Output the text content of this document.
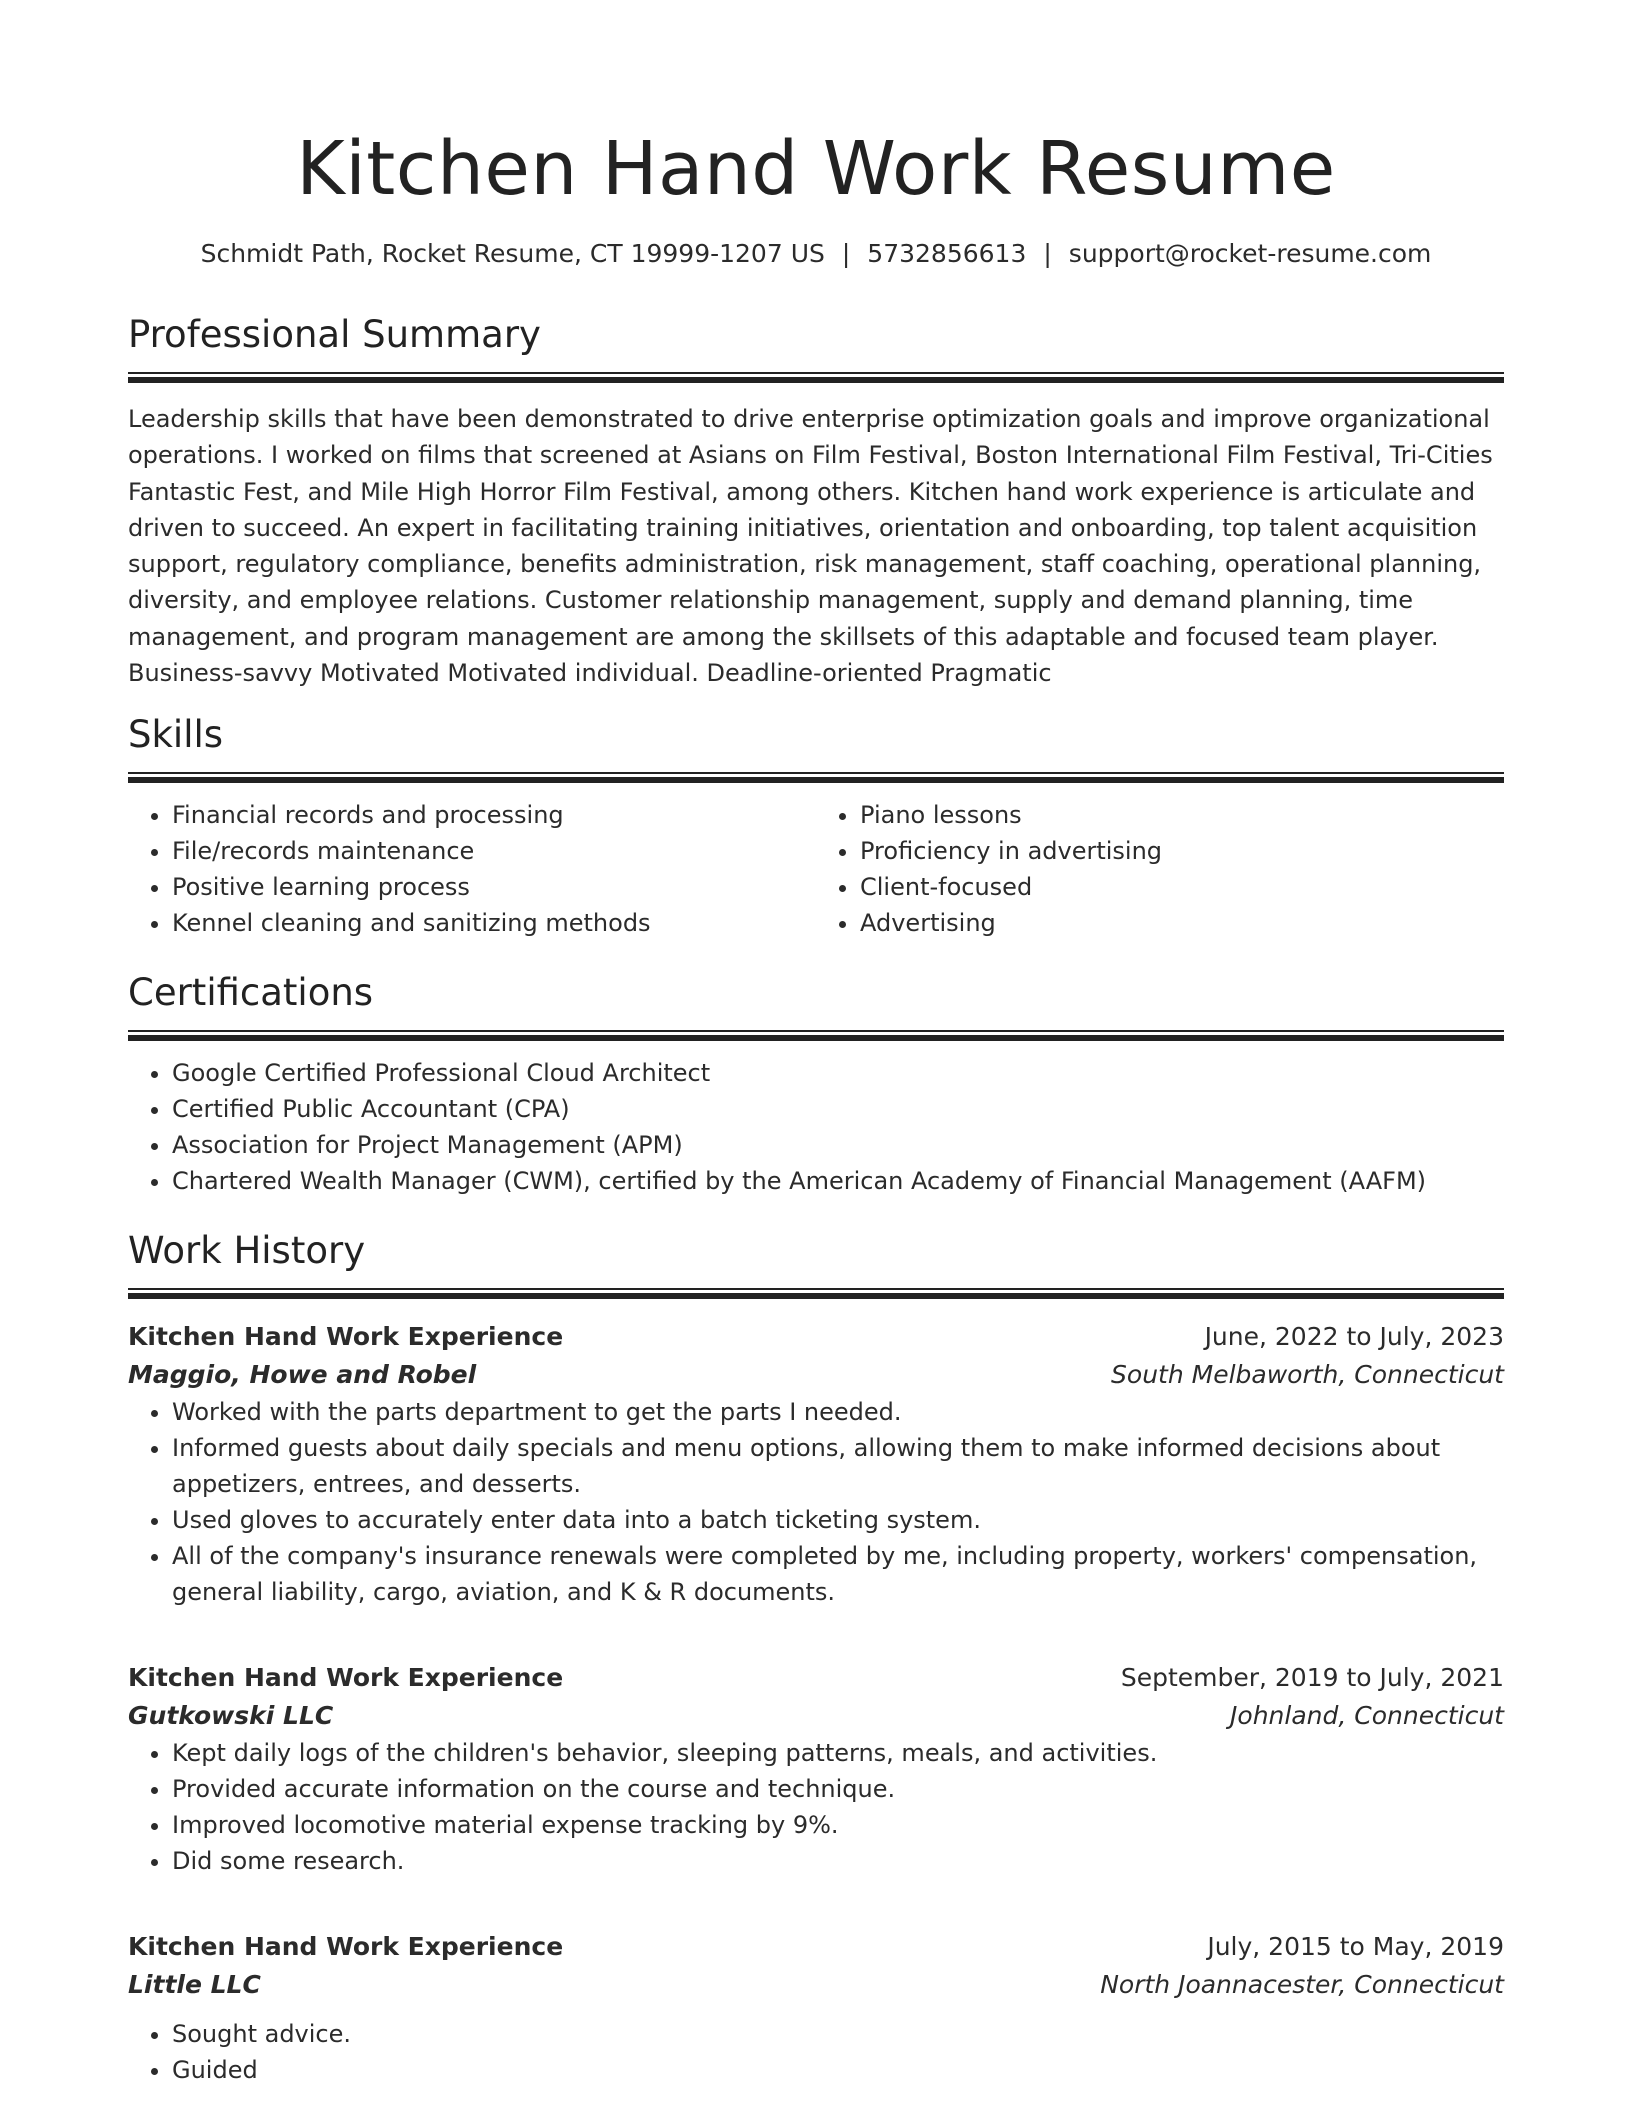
Kitchen Hand Work Resume
Schmidt Path, Rocket Resume, CT 19999-1207 US | 5732856613 | support@rocket-resume.com
Professional Summary

Leadership skills that have been demonstrated to drive enterprise optimization goals and improve organizational operations. I worked on films that screened at Asians on Film Festival, Boston International Film Festival, Tri-Cities Fantastic Fest, and Mile High Horror Film Festival, among others. Kitchen hand work experience is articulate and driven to succeed. An expert in facilitating training initiatives, orientation and onboarding, top talent acquisition support, regulatory compliance, benefits administration, risk management, staff coaching, operational planning, diversity, and employee relations. Customer relationship management, supply and demand planning, time management, and program management are among the skillsets of this adaptable and focused team player. Business-savvy Motivated Motivated individual. Deadline-oriented Pragmatic

Skills
• Financial records and processing
• File/records maintenance
• Positive learning process
• Kennel cleaning and sanitizing methods
• Piano lessons
• Proficiency in advertising
• Client-focused
• Advertising
Certifications
• Google Certified Professional Cloud Architect
• Certified Public Accountant (CPA)
• Association for Project Management (APM)
• Chartered Wealth Manager (CWM), certified by the American Academy of Financial Management (AAFM)
Work History
Kitchen Hand Work Experience	June, 2022 to July, 2023
Maggio, Howe and Robel	South Melbaworth, Connecticut
• Worked with the parts department to get the parts I needed.
• Informed guests about daily specials and menu options, allowing them to make informed decisions about appetizers, entrees, and desserts.
• Used gloves to accurately enter data into a batch ticketing system.
• All of the company's insurance renewals were completed by me, including property, workers' compensation, general liability, cargo, aviation, and K & R documents.
Kitchen Hand Work Experience	September, 2019 to July, 2021
Gutkowski LLC	Johnland, Connecticut
• Kept daily logs of the children's behavior, sleeping patterns, meals, and activities.
• Provided accurate information on the course and technique.
• Improved locomotive material expense tracking by 9%.
• Did some research.
Kitchen Hand Work Experience	July, 2015 to May, 2019
Little LLC	North Joannacester, Connecticut
• Sought advice.
• Guided
